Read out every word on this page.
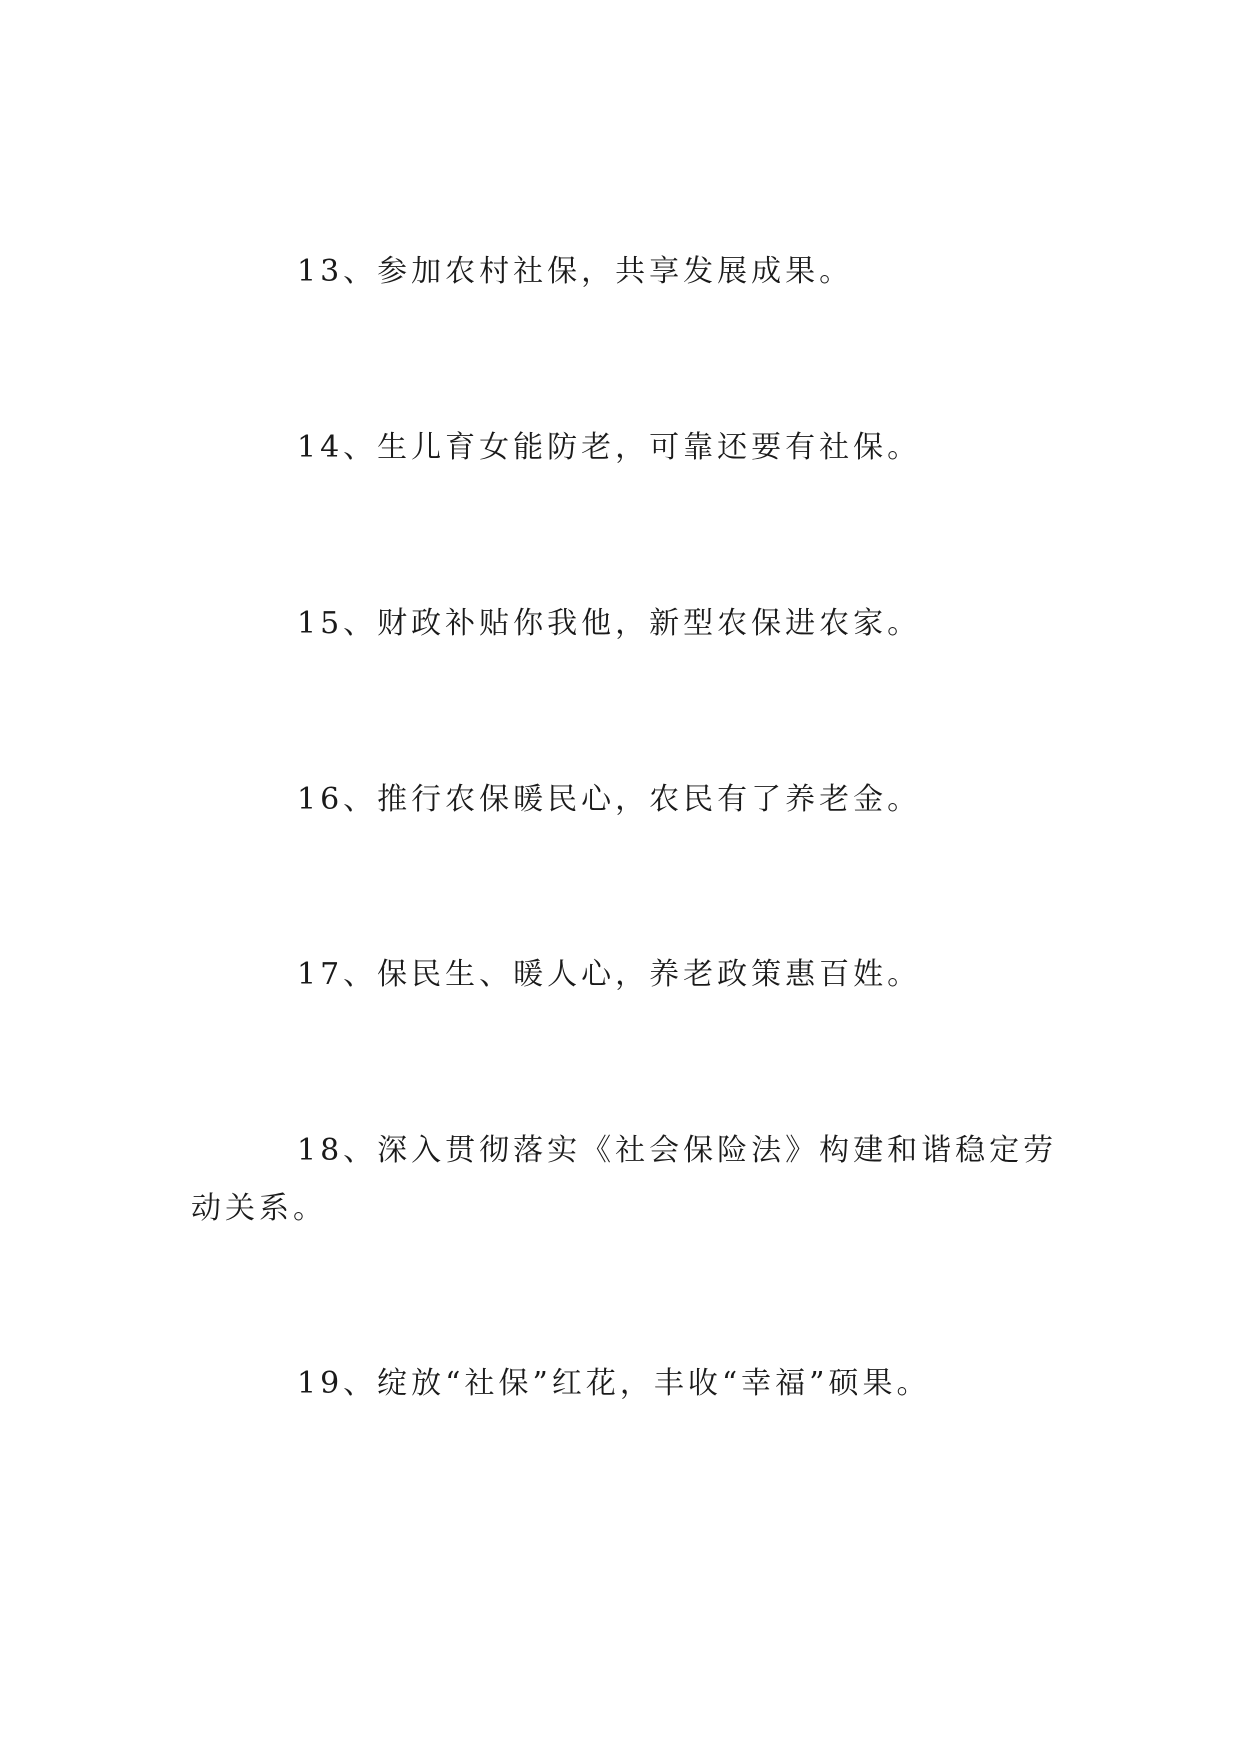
13、参加农村社保，共享发展成果。

14、生儿育女能防老，可靠还要有社保。

15、财政补贴你我他，新型农保进农家。

16、推行农保暖民心，农民有了养老金。

17、保民生、暖人心，养老政策惠百姓。

18、深入贯彻落实《社会保险法》构建和谐稳定劳动关系。

19、绽放“社保”红花，丰收“幸福”硕果。
